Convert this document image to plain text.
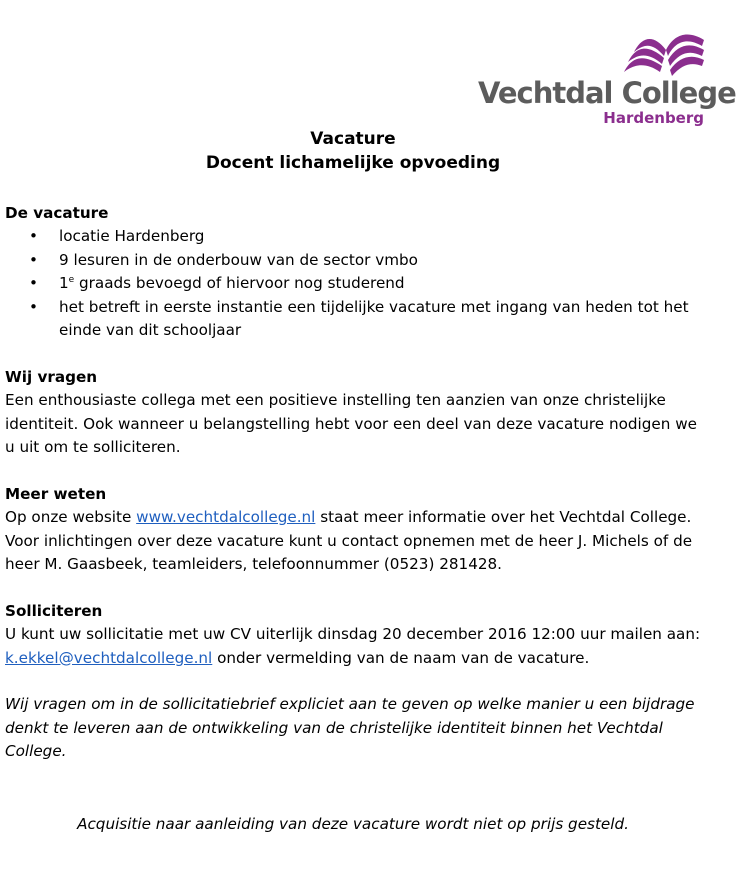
Vechtdal College
Hardenberg
Vacature
Docent lichamelijke opvoeding
De vacature
• locatie Hardenberg
• 9 lesuren in de onderbouw van de sector vmbo
• 1e graads bevoegd of hiervoor nog studerend
• het betreft in eerste instantie een tijdelijke vacature met ingang van heden tot het einde van dit schooljaar
Wij vragen

Een enthousiaste collega met een positieve instelling ten aanzien van onze christelijke identiteit. Ook wanneer u belangstelling hebt voor een deel van deze vacature nodigen we u uit om te solliciteren.

Meer weten

Op onze website www.vechtdalcollege.nl staat meer informatie over het Vechtdal College. Voor inlichtingen over deze vacature kunt u contact opnemen met de heer J. Michels of de heer M. Gaasbeek, teamleiders, telefoonnummer (0523) 281428.

Solliciteren

U kunt uw sollicitatie met uw CV uiterlijk dinsdag 20 december 2016 12:00 uur mailen aan: k.ekkel@vechtdalcollege.nl onder vermelding van de naam van de vacature.

Wij vragen om in de sollicitatiebrief expliciet aan te geven op welke manier u een bijdrage denkt te leveren aan de ontwikkeling van de christelijke identiteit binnen het Vechtdal College.

Acquisitie naar aanleiding van deze vacature wordt niet op prijs gesteld.
